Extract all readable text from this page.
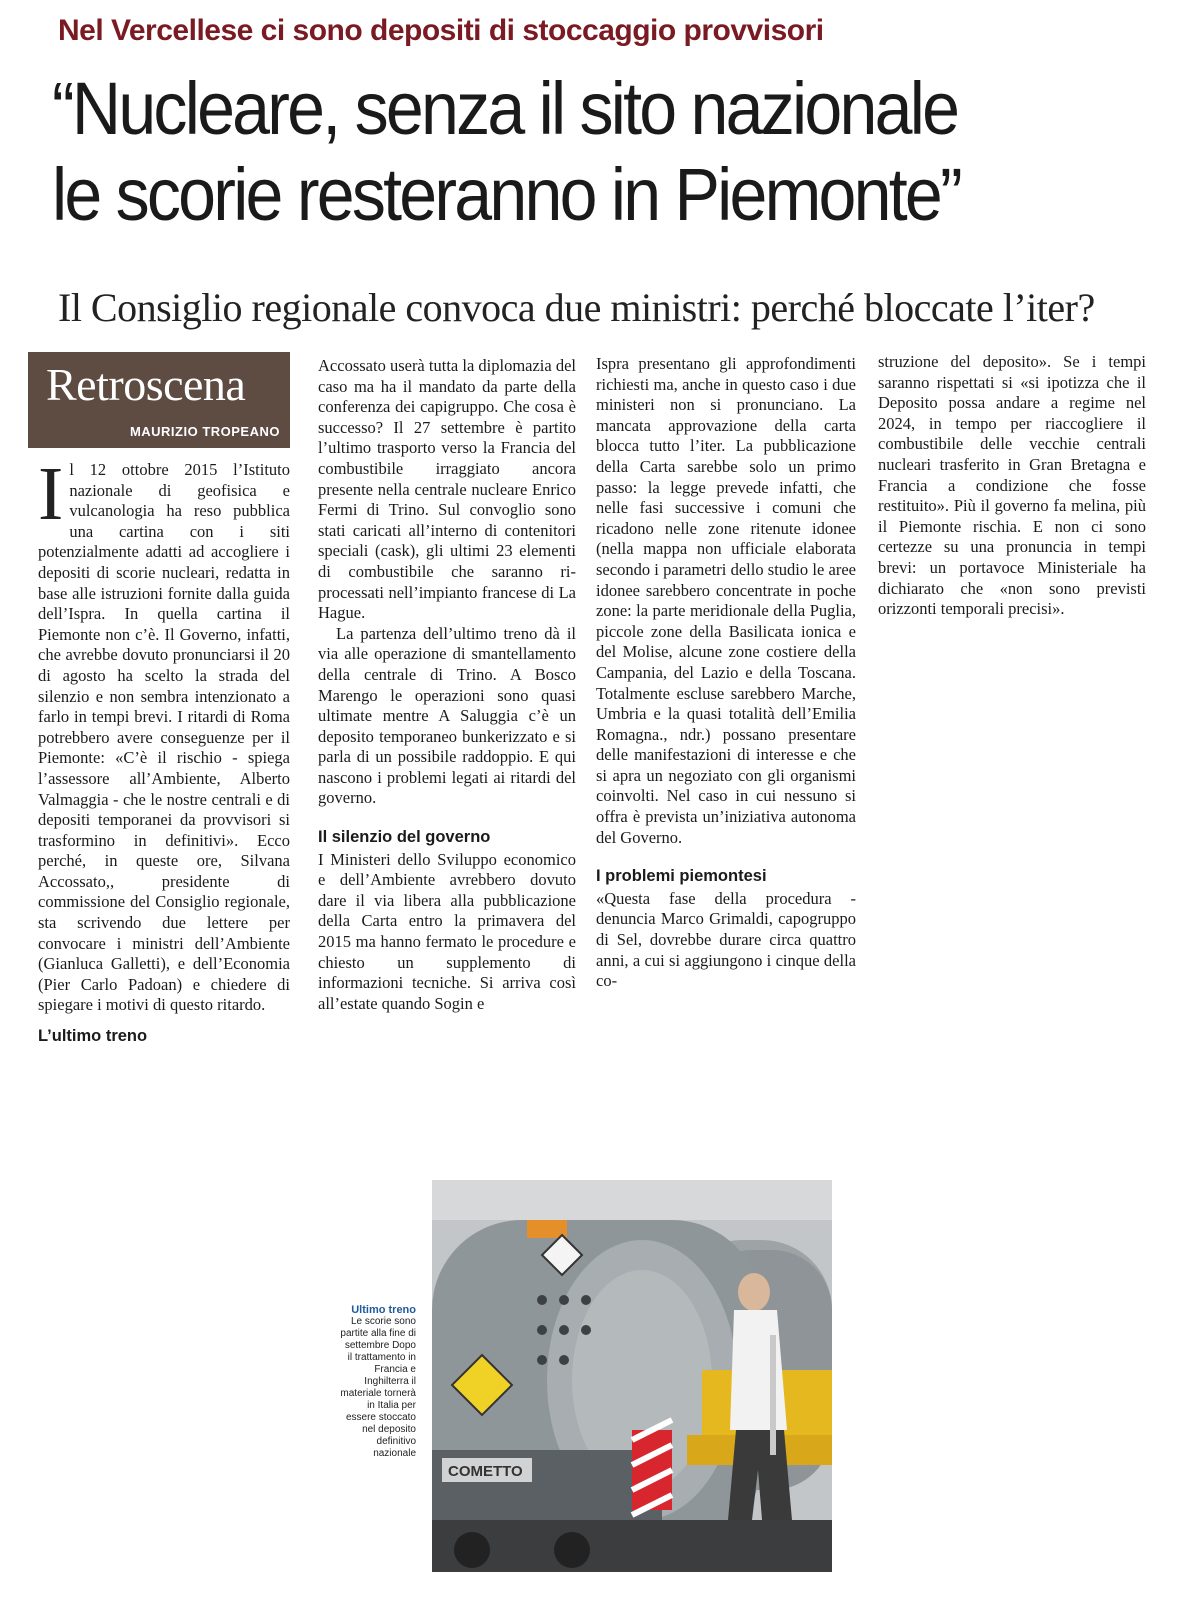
Nel Vercellese ci sono depositi di stoccaggio provvisori
“Nucleare, senza il sito nazionale
le scorie resteranno in Piemonte”
Il Consiglio regionale convoca due ministri: perché bloccate l’iter?
Retroscena
MAURIZIO TROPEANO

Il 12 ottobre 2015 l’Istituto nazionale di geofisica e vulcanologia ha reso pubblica una cartina con i siti potenzialmente adatti ad accogliere i depositi di scorie nucleari, redatta in base alle istruzioni fornite dalla guida dell’Ispra. In quella cartina il Piemonte non c’è. Il Governo, infatti, che avrebbe dovuto pronunciarsi il 20 di agosto ha scelto la strada del silenzio e non sembra intenzionato a farlo in tempi brevi. I ritardi di Roma potrebbero avere conseguenze per il Piemonte: «C’è il rischio - spiega l’assessore all’Ambiente, Alberto Valmaggia - che le nostre centrali e di depositi temporanei da provvisori si trasformino in definitivi». Ecco perché, in queste ore, Silvana Accossato,, presidente di commissione del Consiglio regionale, sta scrivendo due lettere per convocare i ministri dell’Ambiente (Gianluca Galletti), e dell’Economia (Pier Carlo Padoan) e chiedere di spiegare i motivi di questo ritardo.

L’ultimo treno

Accossato userà tutta la diplomazia del caso ma ha il mandato da parte della conferenza dei capigruppo. Che cosa è successo? Il 27 settembre è partito l’ultimo trasporto verso la Francia del combustibile irraggiato ancora presente nella centrale nucleare Enrico Fermi di Trino. Sul convoglio sono stati caricati all’interno di contenitori speciali (cask), gli ultimi 23 elementi di combustibile che saranno ri-processati nell’impianto francese di La Hague.

La partenza dell’ultimo treno dà il via alle operazione di smantellamento della centrale di Trino. A Bosco Marengo le operazioni sono quasi ultimate mentre A Saluggia c’è un deposito temporaneo bunkerizzato e si parla di un possibile raddoppio. E qui nascono i problemi legati ai ritardi del governo.

Il silenzio del governo

I Ministeri dello Sviluppo economico e dell’Ambiente avrebbero dovuto dare il via libera alla pubblicazione della Carta entro la primavera del 2015 ma hanno fermato le procedure e chiesto un supplemento di informazioni tecniche. Si arriva così all’estate quando Sogin e

Ispra presentano gli approfondimenti richiesti ma, anche in questo caso i due ministeri non si pronunciano. La mancata approvazione della carta blocca tutto l’iter. La pubblicazione della Carta sarebbe solo un primo passo: la legge prevede infatti, che nelle fasi successive i comuni che ricadono nelle zone ritenute idonee (nella mappa non ufficiale elaborata secondo i parametri dello studio le aree idonee sarebbero concentrate in poche zone: la parte meridionale della Puglia, piccole zone della Basilicata ionica e del Molise, alcune zone costiere della Campania, del Lazio e della Toscana. Totalmente escluse sarebbero Marche, Umbria e la quasi totalità dell’Emilia Romagna., ndr.) possano presentare delle manifestazioni di interesse e che si apra un negoziato con gli organismi coinvolti. Nel caso in cui nessuno si offra è prevista un’iniziativa autonoma del Governo.

I problemi piemontesi

«Questa fase della procedura - denuncia Marco Grimaldi, capogruppo di Sel, dovrebbe durare circa quattro anni, a cui si aggiungono i cinque della co-

struzione del deposito». Se i tempi saranno rispettati si «si ipotizza che il Deposito possa andare a regime nel 2024, in tempo per riaccogliere il combustibile delle vecchie centrali nucleari trasferito in Gran Bretagna e Francia a condizione che fosse restituito». Più il governo fa melina, più il Piemonte rischia. E non ci sono certezze su una pronuncia in tempi brevi: un portavoce Ministeriale ha dichiarato che «non sono previsti orizzonti temporali precisi».

Ultimo treno
Le scorie sono partite alla fine di settembre Dopo il trattamento in Francia e Inghilterra il materiale tornerà in Italia per essere stoccato nel deposito definitivo nazionale
COMETTO
